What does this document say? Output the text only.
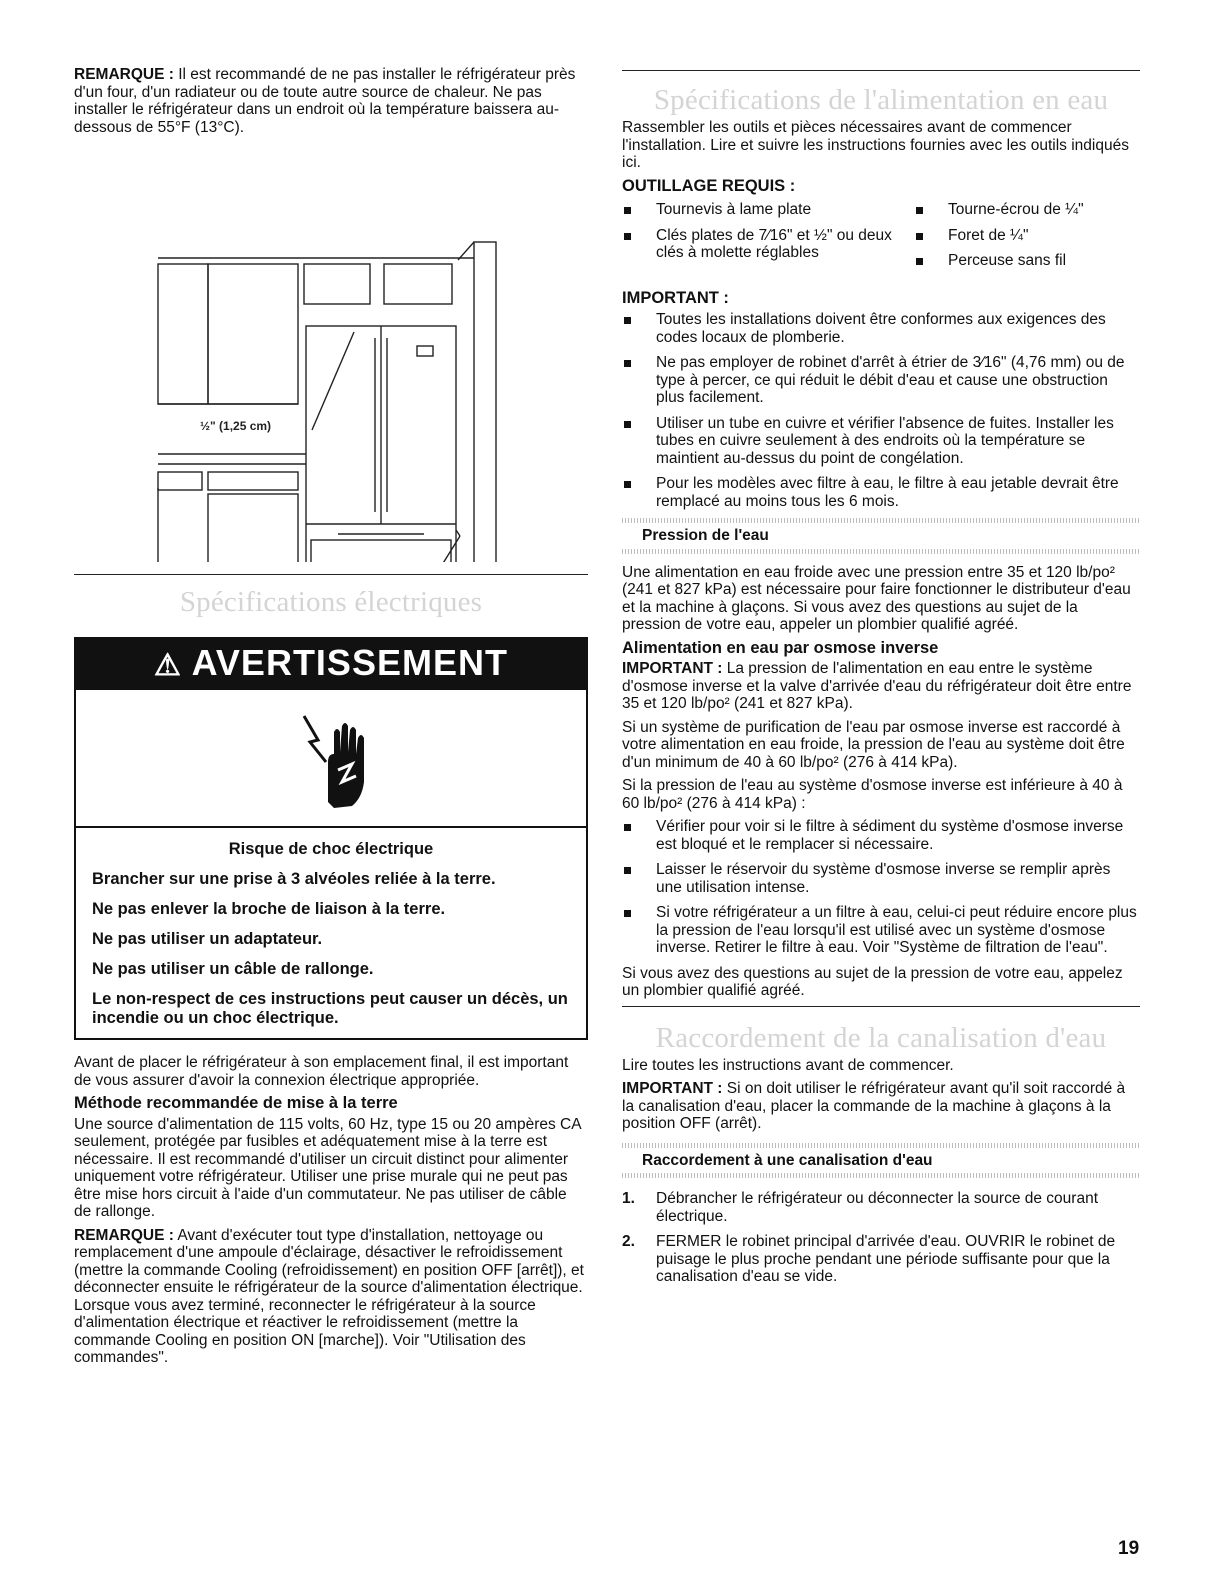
REMARQUE : Il est recommandé de ne pas installer le réfrigérateur près d'un four, d'un radiateur ou de toute autre source de chaleur. Ne pas installer le réfrigérateur dans un endroit où la température baissera au-dessous de 55°F (13°C).

½" (1,25 cm)
Spécifications électriques
⚠ AVERTISSEMENT

Risque de choc électrique

Brancher sur une prise à 3 alvéoles reliée à la terre.

Ne pas enlever la broche de liaison à la terre.

Ne pas utiliser un adaptateur.

Ne pas utiliser un câble de rallonge.

Le non-respect de ces instructions peut causer un décès, un incendie ou un choc électrique.

Avant de placer le réfrigérateur à son emplacement final, il est important de vous assurer d'avoir la connexion électrique appropriée.

Méthode recommandée de mise à la terre

Une source d'alimentation de 115 volts, 60 Hz, type 15 ou 20 ampères CA seulement, protégée par fusibles et adéquatement mise à la terre est nécessaire. Il est recommandé d'utiliser un circuit distinct pour alimenter uniquement votre réfrigérateur. Utiliser une prise murale qui ne peut pas être mise hors circuit à l'aide d'un commutateur. Ne pas utiliser de câble de rallonge.

REMARQUE : Avant d'exécuter tout type d'installation, nettoyage ou remplacement d'une ampoule d'éclairage, désactiver le refroidissement (mettre la commande Cooling (refroidissement) en position OFF [arrêt]), et déconnecter ensuite le réfrigérateur de la source d'alimentation électrique. Lorsque vous avez terminé, reconnecter le réfrigérateur à la source d'alimentation électrique et réactiver le refroidissement (mettre la commande Cooling en position ON [marche]). Voir "Utilisation des commandes".

Spécifications de l'alimentation en eau

Rassembler les outils et pièces nécessaires avant de commencer l'installation. Lire et suivre les instructions fournies avec les outils indiqués ici.

OUTILLAGE REQUIS :
Tournevis à lame plate
Clés plates de 7⁄16" et ½" ou deux clés à molette réglables
Tourne-écrou de ¼"
Foret de ¼"
Perceuse sans fil
IMPORTANT :
Toutes les installations doivent être conformes aux exigences des codes locaux de plomberie.
Ne pas employer de robinet d'arrêt à étrier de 3⁄16" (4,76 mm) ou de type à percer, ce qui réduit le débit d'eau et cause une obstruction plus facilement.
Utiliser un tube en cuivre et vérifier l'absence de fuites. Installer les tubes en cuivre seulement à des endroits où la température se maintient au-dessus du point de congélation.
Pour les modèles avec filtre à eau, le filtre à eau jetable devrait être remplacé au moins tous les 6 mois.
Pression de l'eau

Une alimentation en eau froide avec une pression entre 35 et 120 lb/po² (241 et 827 kPa) est nécessaire pour faire fonctionner le distributeur d'eau et la machine à glaçons. Si vous avez des questions au sujet de la pression de votre eau, appeler un plombier qualifié agréé.

Alimentation en eau par osmose inverse

IMPORTANT : La pression de l'alimentation en eau entre le système d'osmose inverse et la valve d'arrivée d'eau du réfrigérateur doit être entre 35 et 120 lb/po² (241 et 827 kPa).

Si un système de purification de l'eau par osmose inverse est raccordé à votre alimentation en eau froide, la pression de l'eau au système doit être d'un minimum de 40 à 60 lb/po² (276 à 414 kPa).

Si la pression de l'eau au système d'osmose inverse est inférieure à 40 à 60 lb/po² (276 à 414 kPa) :

Vérifier pour voir si le filtre à sédiment du système d'osmose inverse est bloqué et le remplacer si nécessaire.
Laisser le réservoir du système d'osmose inverse se remplir après une utilisation intense.
Si votre réfrigérateur a un filtre à eau, celui-ci peut réduire encore plus la pression de l'eau lorsqu'il est utilisé avec un système d'osmose inverse. Retirer le filtre à eau. Voir "Système de filtration de l'eau".

Si vous avez des questions au sujet de la pression de votre eau, appelez un plombier qualifié agréé.

Raccordement de la canalisation d'eau

Lire toutes les instructions avant de commencer.

IMPORTANT : Si on doit utiliser le réfrigérateur avant qu'il soit raccordé à la canalisation d'eau, placer la commande de la machine à glaçons à la position OFF (arrêt).

Raccordement à une canalisation d'eau
1. Débrancher le réfrigérateur ou déconnecter la source de courant électrique.
2. FERMER le robinet principal d'arrivée d'eau. OUVRIR le robinet de puisage le plus proche pendant une période suffisante pour que la canalisation d'eau se vide.
19
